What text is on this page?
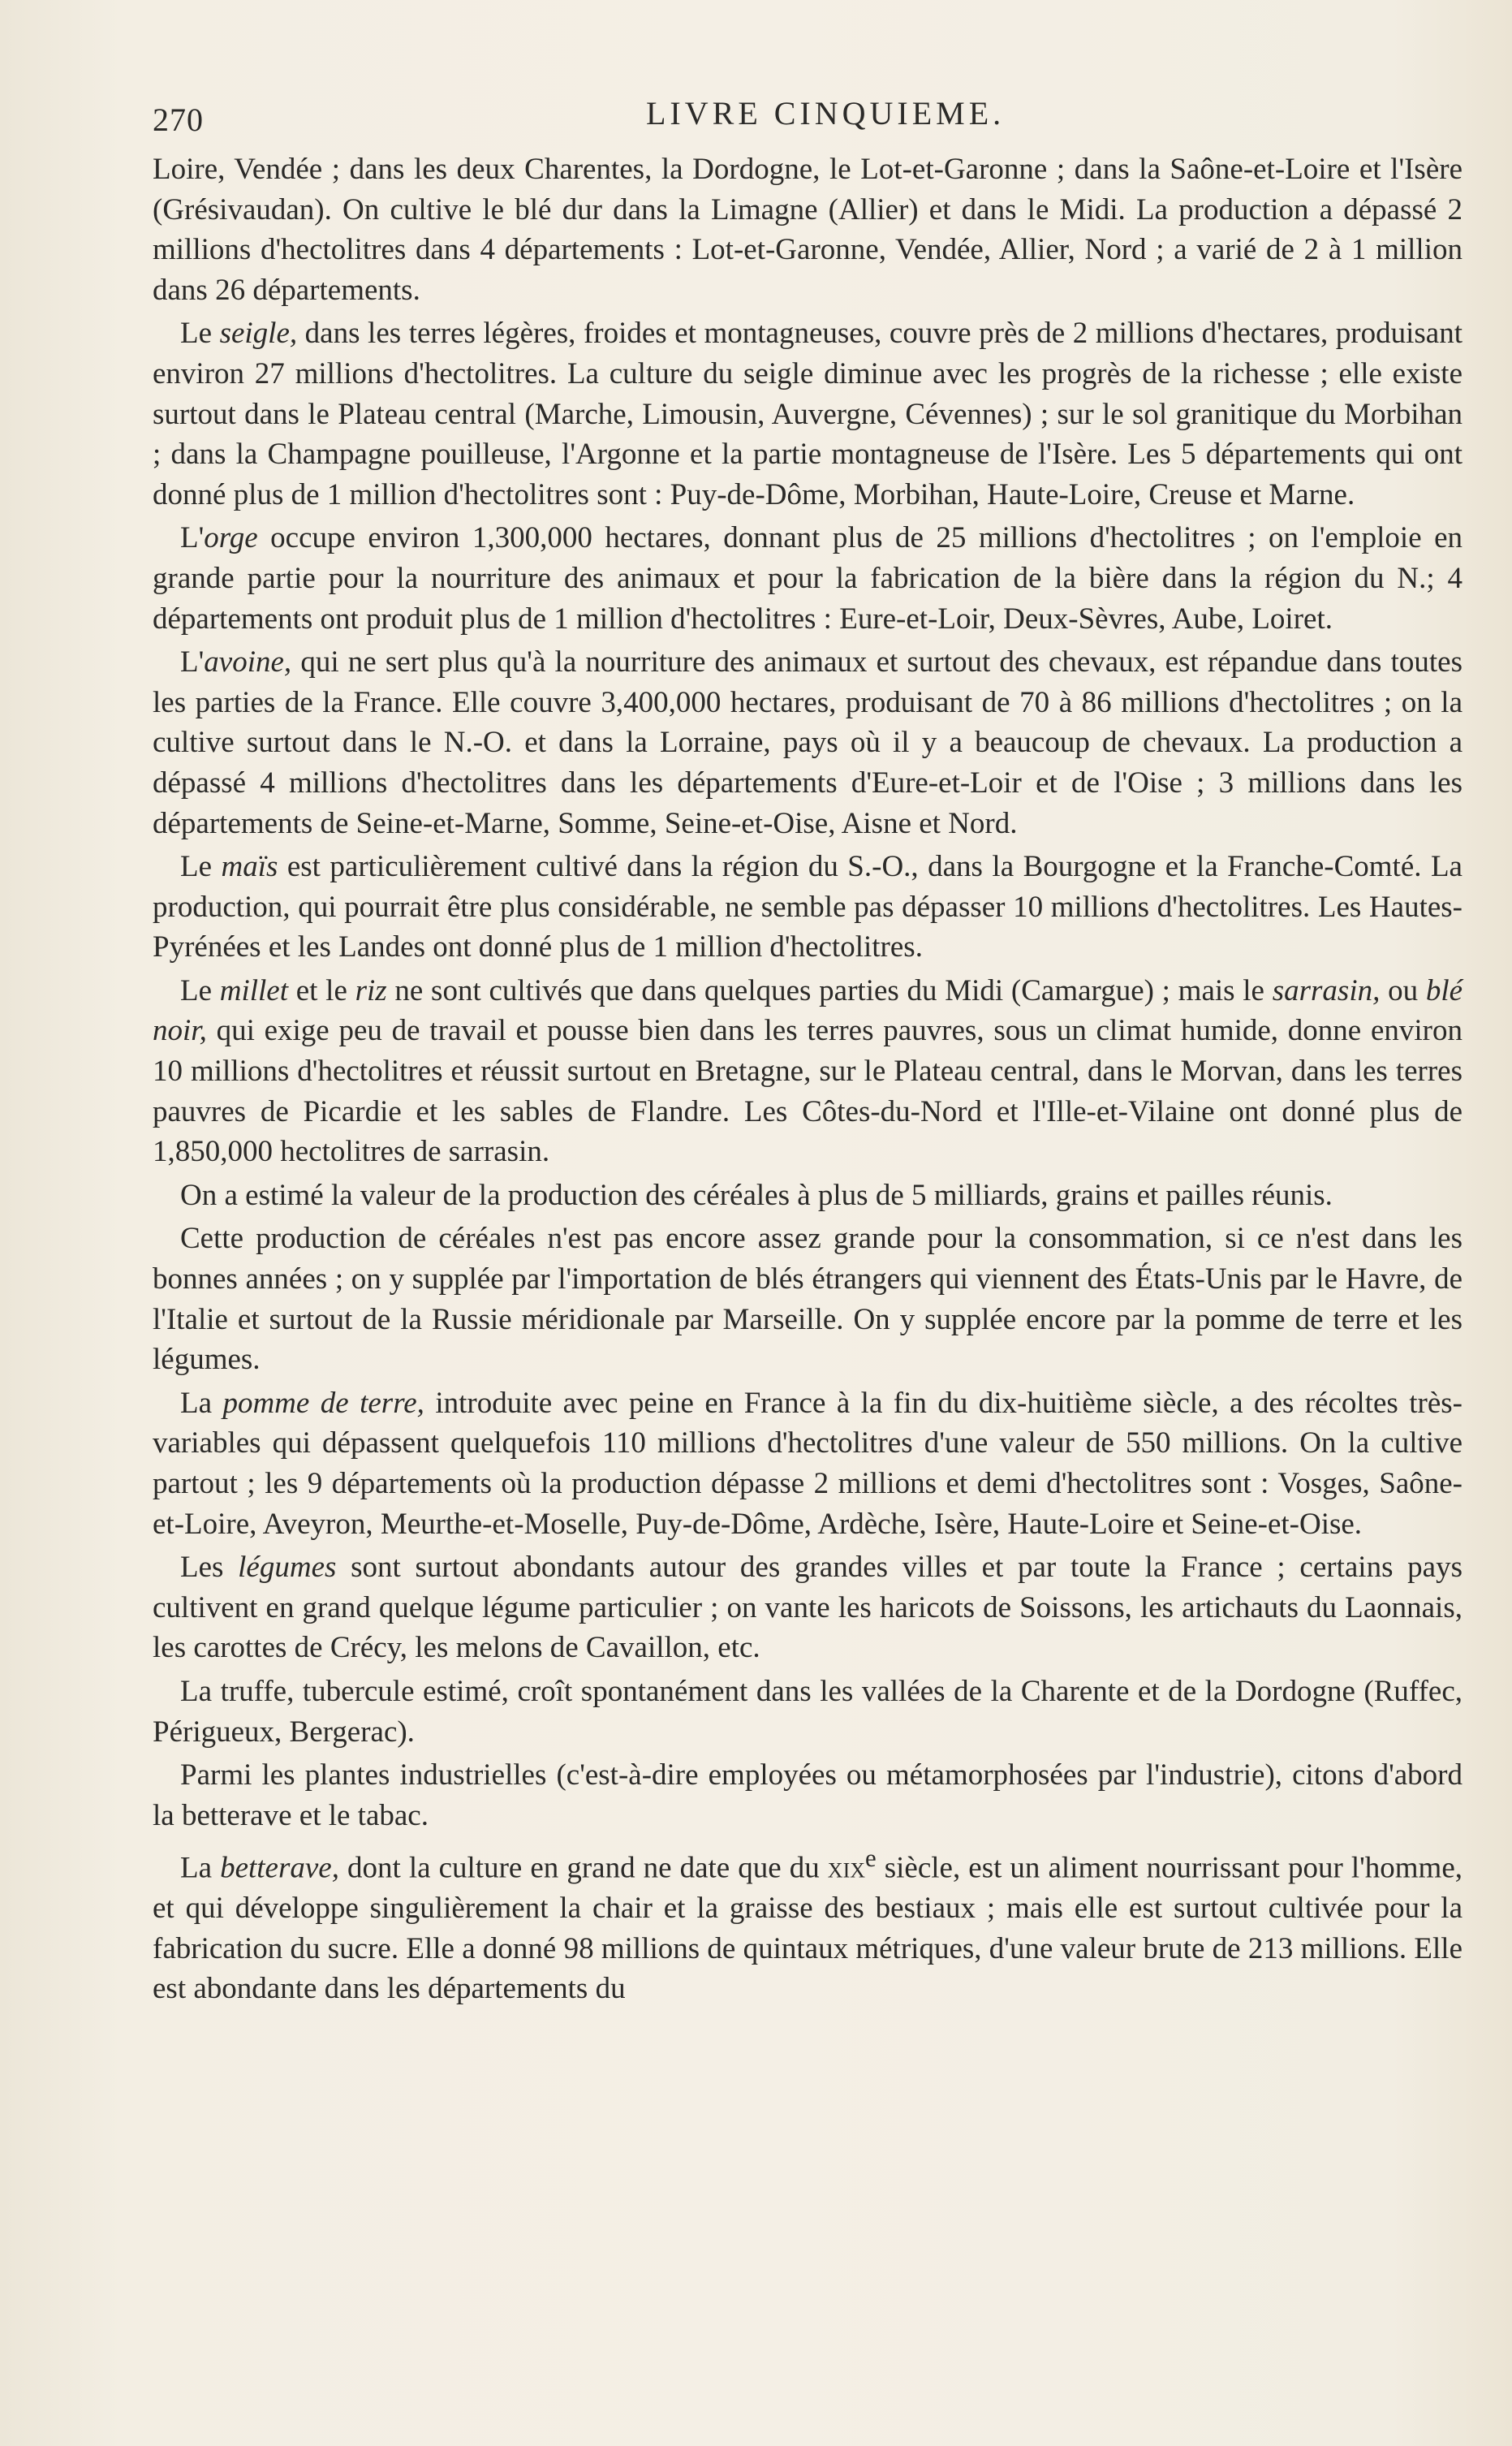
270	LIVRE CINQUIEME.

Loire, Vendée ; dans les deux Charentes, la Dordogne, le Lot-et-Garonne ; dans la Saône-et-Loire et l'Isère (Grésivaudan). On cultive le blé dur dans la Limagne (Allier) et dans le Midi. La production a dépassé 2 millions d'hectolitres dans 4 départements : Lot-et-Garonne, Vendée, Allier, Nord ; a varié de 2 à 1 million dans 26 départements.

Le seigle, dans les terres légères, froides et montagneuses, couvre près de 2 millions d'hectares, produisant environ 27 millions d'hectolitres. La culture du seigle diminue avec les progrès de la richesse ; elle existe surtout dans le Plateau central (Marche, Limousin, Auvergne, Cévennes) ; sur le sol granitique du Morbihan ; dans la Champagne pouilleuse, l'Argonne et la partie montagneuse de l'Isère. Les 5 départements qui ont donné plus de 1 million d'hectolitres sont : Puy-de-Dôme, Morbihan, Haute-Loire, Creuse et Marne.

L'orge occupe environ 1,300,000 hectares, donnant plus de 25 millions d'hectolitres ; on l'emploie en grande partie pour la nourriture des animaux et pour la fabrication de la bière dans la région du N.; 4 départements ont produit plus de 1 million d'hectolitres : Eure-et-Loir, Deux-Sèvres, Aube, Loiret.

L'avoine, qui ne sert plus qu'à la nourriture des animaux et surtout des chevaux, est répandue dans toutes les parties de la France. Elle couvre 3,400,000 hectares, produisant de 70 à 86 millions d'hectolitres ; on la cultive surtout dans le N.-O. et dans la Lorraine, pays où il y a beaucoup de chevaux. La production a dépassé 4 millions d'hectolitres dans les départements d'Eure-et-Loir et de l'Oise ; 3 millions dans les départements de Seine-et-Marne, Somme, Seine-et-Oise, Aisne et Nord.

Le maïs est particulièrement cultivé dans la région du S.-O., dans la Bourgogne et la Franche-Comté. La production, qui pourrait être plus considérable, ne semble pas dépasser 10 millions d'hectolitres. Les Hautes-Pyrénées et les Landes ont donné plus de 1 million d'hectolitres.

Le millet et le riz ne sont cultivés que dans quelques parties du Midi (Camargue) ; mais le sarrasin, ou blé noir, qui exige peu de travail et pousse bien dans les terres pauvres, sous un climat humide, donne environ 10 millions d'hectolitres et réussit surtout en Bretagne, sur le Plateau central, dans le Morvan, dans les terres pauvres de Picardie et les sables de Flandre. Les Côtes-du-Nord et l'Ille-et-Vilaine ont donné plus de 1,850,000 hectolitres de sarrasin.

On a estimé la valeur de la production des céréales à plus de 5 milliards, grains et pailles réunis.

Cette production de céréales n'est pas encore assez grande pour la consommation, si ce n'est dans les bonnes années ; on y supplée par l'importation de blés étrangers qui viennent des États-Unis par le Havre, de l'Italie et surtout de la Russie méridionale par Marseille. On y supplée encore par la pomme de terre et les légumes.

La pomme de terre, introduite avec peine en France à la fin du dix-huitième siècle, a des récoltes très-variables qui dépassent quelquefois 110 millions d'hectolitres d'une valeur de 550 millions. On la cultive partout ; les 9 départements où la production dépasse 2 millions et demi d'hectolitres sont : Vosges, Saône-et-Loire, Aveyron, Meurthe-et-Moselle, Puy-de-Dôme, Ardèche, Isère, Haute-Loire et Seine-et-Oise.

Les légumes sont surtout abondants autour des grandes villes et par toute la France ; certains pays cultivent en grand quelque légume particulier ; on vante les haricots de Soissons, les artichauts du Laonnais, les carottes de Crécy, les melons de Cavaillon, etc.

La truffe, tubercule estimé, croît spontanément dans les vallées de la Charente et de la Dordogne (Ruffec, Périgueux, Bergerac).

Parmi les plantes industrielles (c'est-à-dire employées ou métamorphosées par l'industrie), citons d'abord la betterave et le tabac.

La betterave, dont la culture en grand ne date que du xix$^e$ siècle, est un aliment nourrissant pour l'homme, et qui développe singulièrement la chair et la graisse des bestiaux ; mais elle est surtout cultivée pour la fabrication du sucre. Elle a donné 98 millions de quintaux métriques, d'une valeur brute de 213 millions. Elle est abondante dans les départements du
